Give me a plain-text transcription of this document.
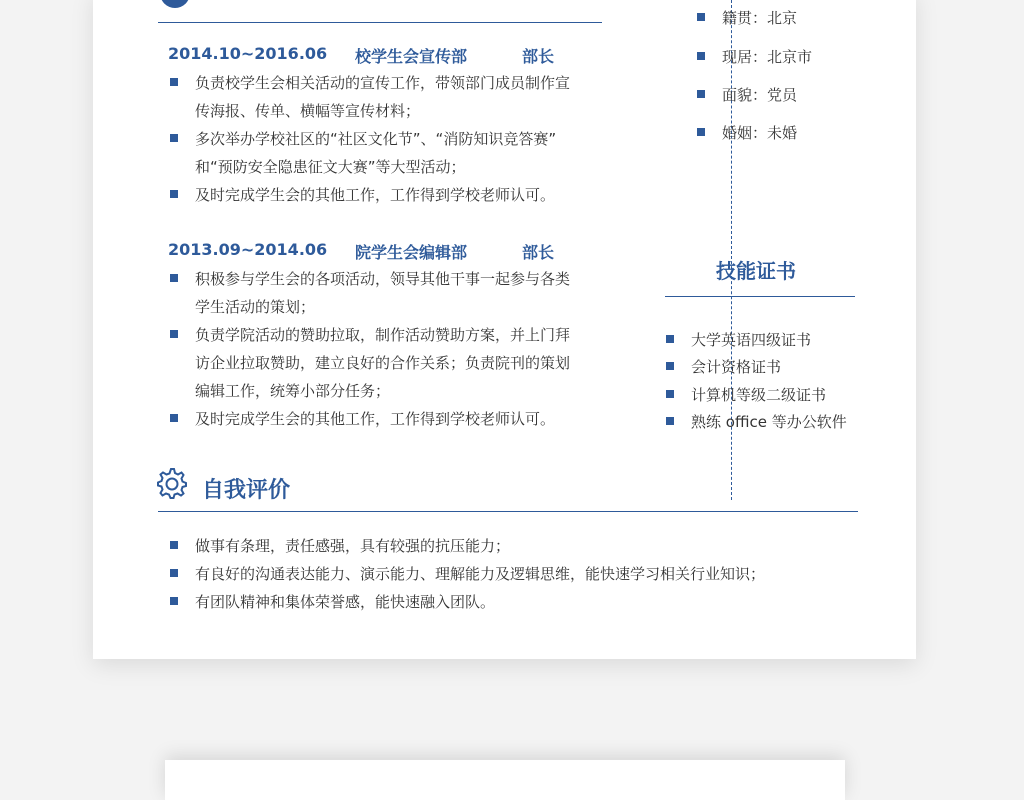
2014.10~2016.06 校学生会宣传部	部长
负责校学生会相关活动的宣传工作，带领部门成员制作宣
传海报、传单、横幅等宣传材料；
多次举办学校社区的“社区文化节”、“消防知识竞答赛”
和“预防安全隐患征文大赛”等大型活动；
及时完成学生会的其他工作，工作得到学校老师认可。
2013.09~2014.06 院学生会编辑部	部长
积极参与学生会的各项活动，领导其他干事一起参与各类
学生活动的策划；
负责学院活动的赞助拉取，制作活动赞助方案，并上门拜
访企业拉取赞助，建立良好的合作关系；负责院刊的策划
编辑工作，统筹小部分任务；
及时完成学生会的其他工作，工作得到学校老师认可。
籍贯：北京
现居：北京市
面貌：党员
婚姻：未婚
技能证书
大学英语四级证书
会计资格证书
计算机等级二级证书
熟练 office 等办公软件
自我评价
做事有条理，责任感强，具有较强的抗压能力；
有良好的沟通表达能力、演示能力、理解能力及逻辑思维，能快速学习相关行业知识；
有团队精神和集体荣誉感，能快速融入团队。
